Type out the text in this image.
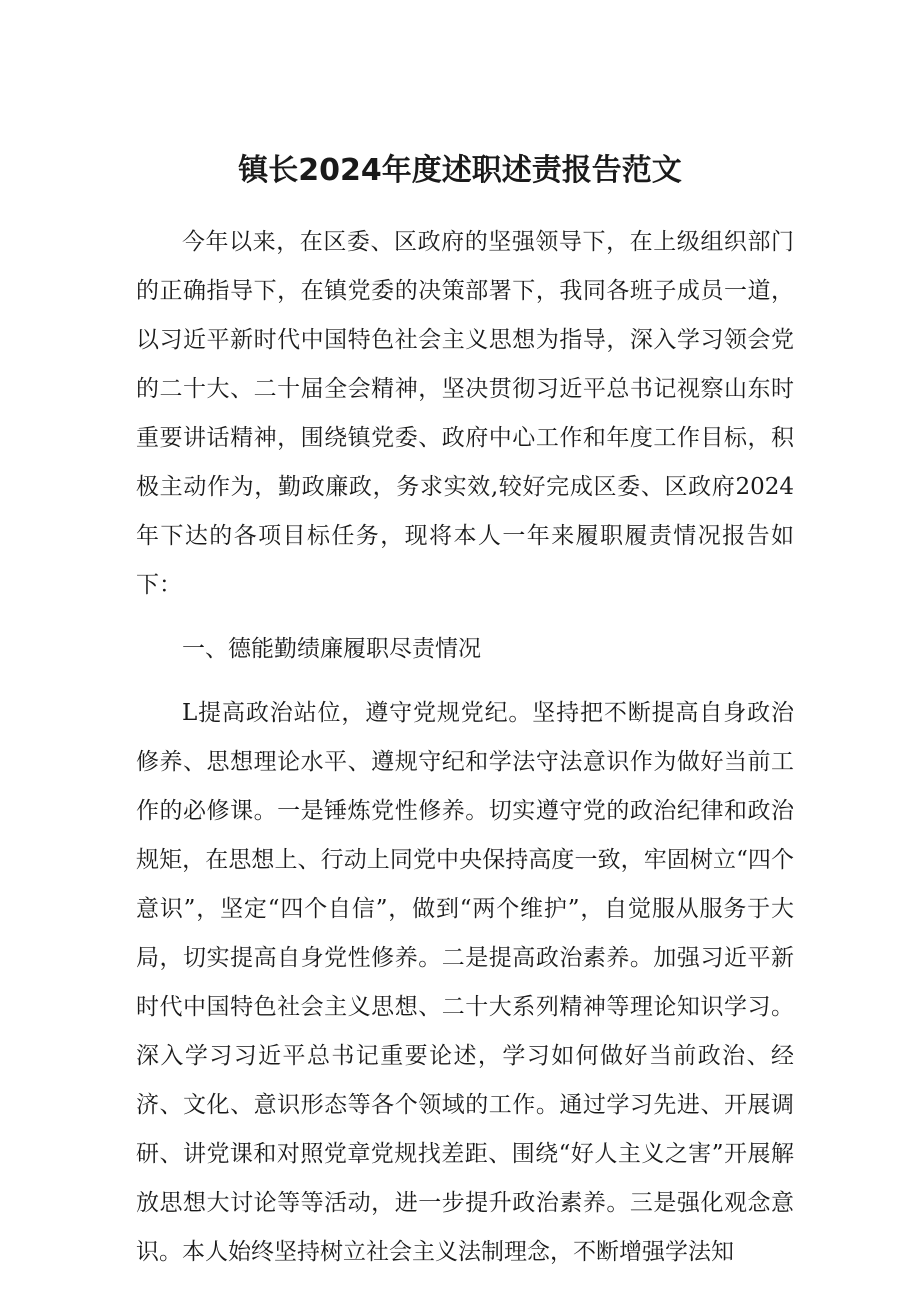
镇长2024年度述职述责报告范文

今年以来，在区委、区政府的坚强领导下，在上级组织部门的正确指导下，在镇党委的决策部署下，我同各班子成员一道，以习近平新时代中国特色社会主义思想为指导，深入学习领会党的二十大、二十届全会精神，坚决贯彻习近平总书记视察山东时重要讲话精神，围绕镇党委、政府中心工作和年度工作目标，积极主动作为，勤政廉政，务求实效,较好完成区委、区政府2024年下达的各项目标任务，现将本人一年来履职履责情况报告如下：

一、德能勤绩廉履职尽责情况

L提高政治站位，遵守党规党纪。坚持把不断提高自身政治修养、思想理论水平、遵规守纪和学法守法意识作为做好当前工作的必修课。一是锤炼党性修养。切实遵守党的政治纪律和政治规矩，在思想上、行动上同党中央保持高度一致，牢固树立“四个意识”，坚定“四个自信”，做到“两个维护”，自觉服从服务于大局，切实提高自身党性修养。二是提高政治素养。加强习近平新时代中国特色社会主义思想、二十大系列精神等理论知识学习。深入学习习近平总书记重要论述，学习如何做好当前政治、经济、文化、意识形态等各个领域的工作。通过学习先进、开展调研、讲党课和对照党章党规找差距、围绕“好人主义之害”开展解放思想大讨论等等活动，进一步提升政治素养。三是强化观念意识。本人始终坚持树立社会主义法制理念，不断增强学法知
